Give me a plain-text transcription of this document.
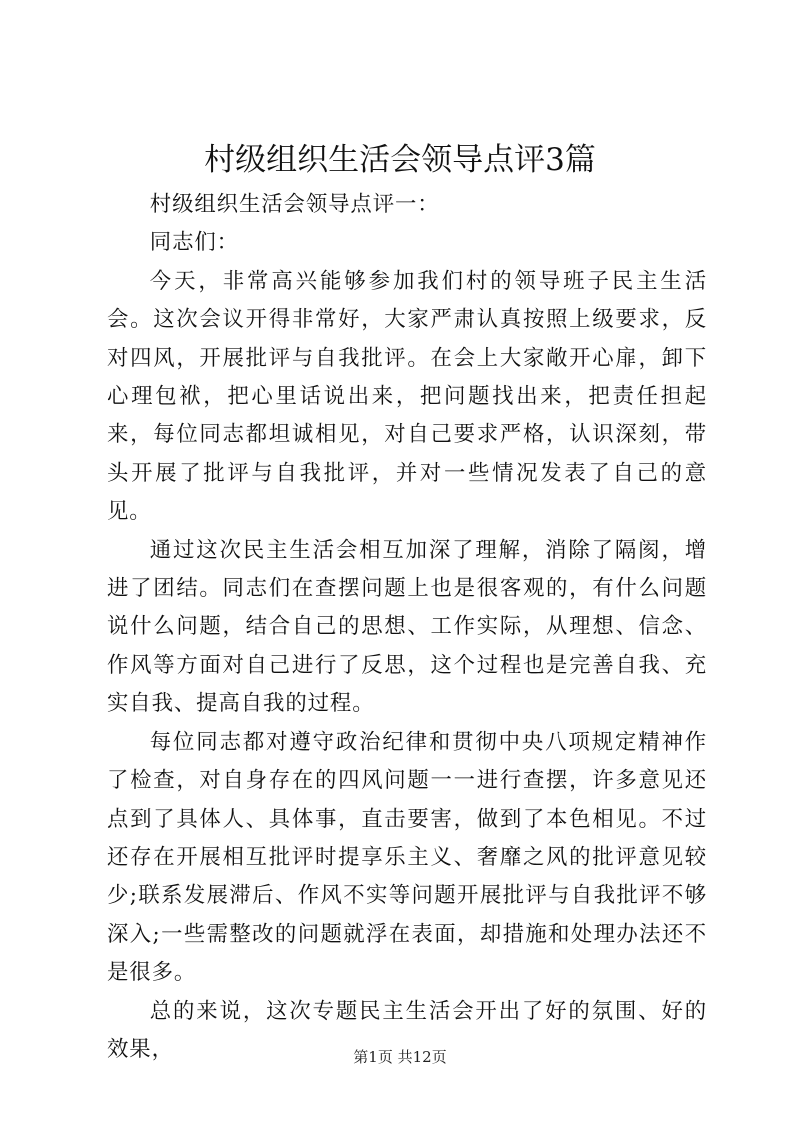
村级组织生活会领导点评3篇

村级组织生活会领导点评一：

同志们：

今天，非常高兴能够参加我们村的领导班子民主生活会。这次会议开得非常好，大家严肃认真按照上级要求，反对四风，开展批评与自我批评。在会上大家敞开心扉，卸下心理包袱，把心里话说出来，把问题找出来，把责任担起来，每位同志都坦诚相见，对自己要求严格，认识深刻，带头开展了批评与自我批评，并对一些情况发表了自己的意见。

通过这次民主生活会相互加深了理解，消除了隔阂，增进了团结。同志们在查摆问题上也是很客观的，有什么问题说什么问题，结合自己的思想、工作实际，从理想、信念、作风等方面对自己进行了反思，这个过程也是完善自我、充实自我、提高自我的过程。

每位同志都对遵守政治纪律和贯彻中央八项规定精神作了检查，对自身存在的四风问题一一进行查摆，许多意见还点到了具体人、具体事，直击要害，做到了本色相见。不过还存在开展相互批评时提享乐主义、奢靡之风的批评意见较少;联系发展滞后、作风不实等问题开展批评与自我批评不够深入;一些需整改的问题就浮在表面，却措施和处理办法还不是很多。

总的来说，这次专题民主生活会开出了好的氛围、好的效果，	第1页 共12页
